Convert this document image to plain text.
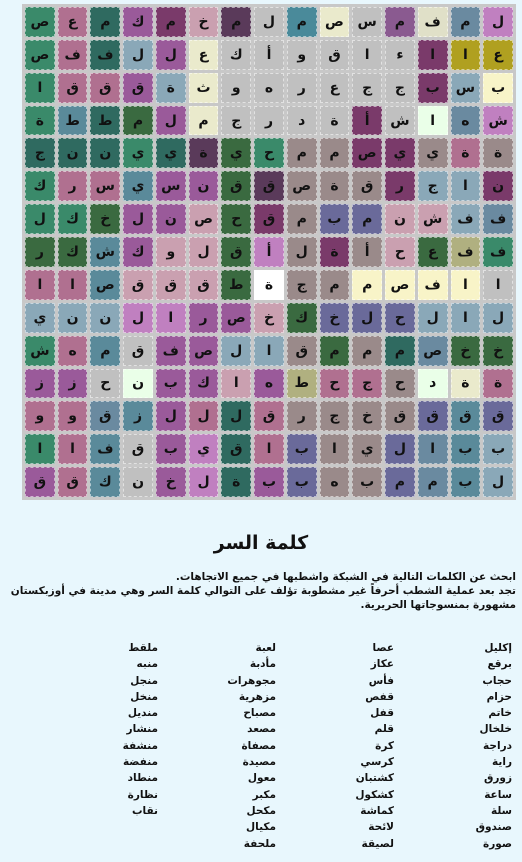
ص	ع	م	ك	م	خ	م	ل	م	ص س	م	ف	م	ل
ص	ف	ف	ل	ل	ع	ك	أ	و	ق	ا	ء	ا	ا	ع
ا	ق	ق	ق	ة	ث	و	ه	ر	ع	ج	ج	ب	س	ب
ة	ط	ط	م	ل	م	ج	ر	د	ة	أ	ش	ا	ه	ش
ج	ن	ن	ي	ي	ة	ي	ح	م	م	ص	ي	ي	ة	ة
ك	ر	س	ي	س	ن	ق	ق	ص	ة	ق	ر	ج	ا	ن
ل	ك	خ	ل	ن	ص	ح	ق	م	ب	م	ن	ش	ف	ف
ر	ك	ش	ك	و	ل	ق	أ	ل	ة	أ	ح	ع	ف	ف
ا	ا	ص	ق	ق	ق	ط	ة	ج	م	م	ص	ف	ا	ا
ي	ن	ن	ل	ا	ر	ص	خ	ك	خ	ل	ح	ل	ا	ل
ش	ه	م	ق	ف	ص	ل	ا	ق	م	م	م	ص	خ	خ
ز	ز	ح	ن	ب	ك	ا	ه	ط	ح	ج	ح	د	ة	ة
و	و	ق	ز	ل	ل	ل	ق	ر	ج	خ	ق	ق	ق	ق
ا	ا	ف	ق	ب	ي	ق	ا	ب	ا	ي	ل	ا	ب	ب
ق	ق	ك	ن	خ	ل	ة	ب	ب	ه	ب	م	م	ب	ل
كلمة السر

ابحث عن الكلمات التالية في الشبكة واشطبها في جميع الاتجاهات.

تجد بعد عملية الشطب أحرفاً غير مشطوبة تؤلف على التوالي كلمة السر وهي مدينة في أوزبكستان

مشهورة بمنسوجاتها الحريرية.

إكليل
برقع
حجاب
حزام
خاتم
خلخال
دراجة
راية
زورق
ساعة
سلة
صندوق
صورة
عصا
عكاز
فأس
قفص
قفل
قلم
كرة
كرسي
كشتبان
كشكول
كماشة
لائحة
لصيقة
لعبة
مأدبة
مجوهرات
مزهرية
مصباح
مصعد
مصفاة
مصيدة
معول
مكبر
مكحل
مكيال
ملحفة
ملقط
منبه
منجل
منخل
منديل
منشار
منشفة
منفضة
منطاد
نظارة
نقاب
